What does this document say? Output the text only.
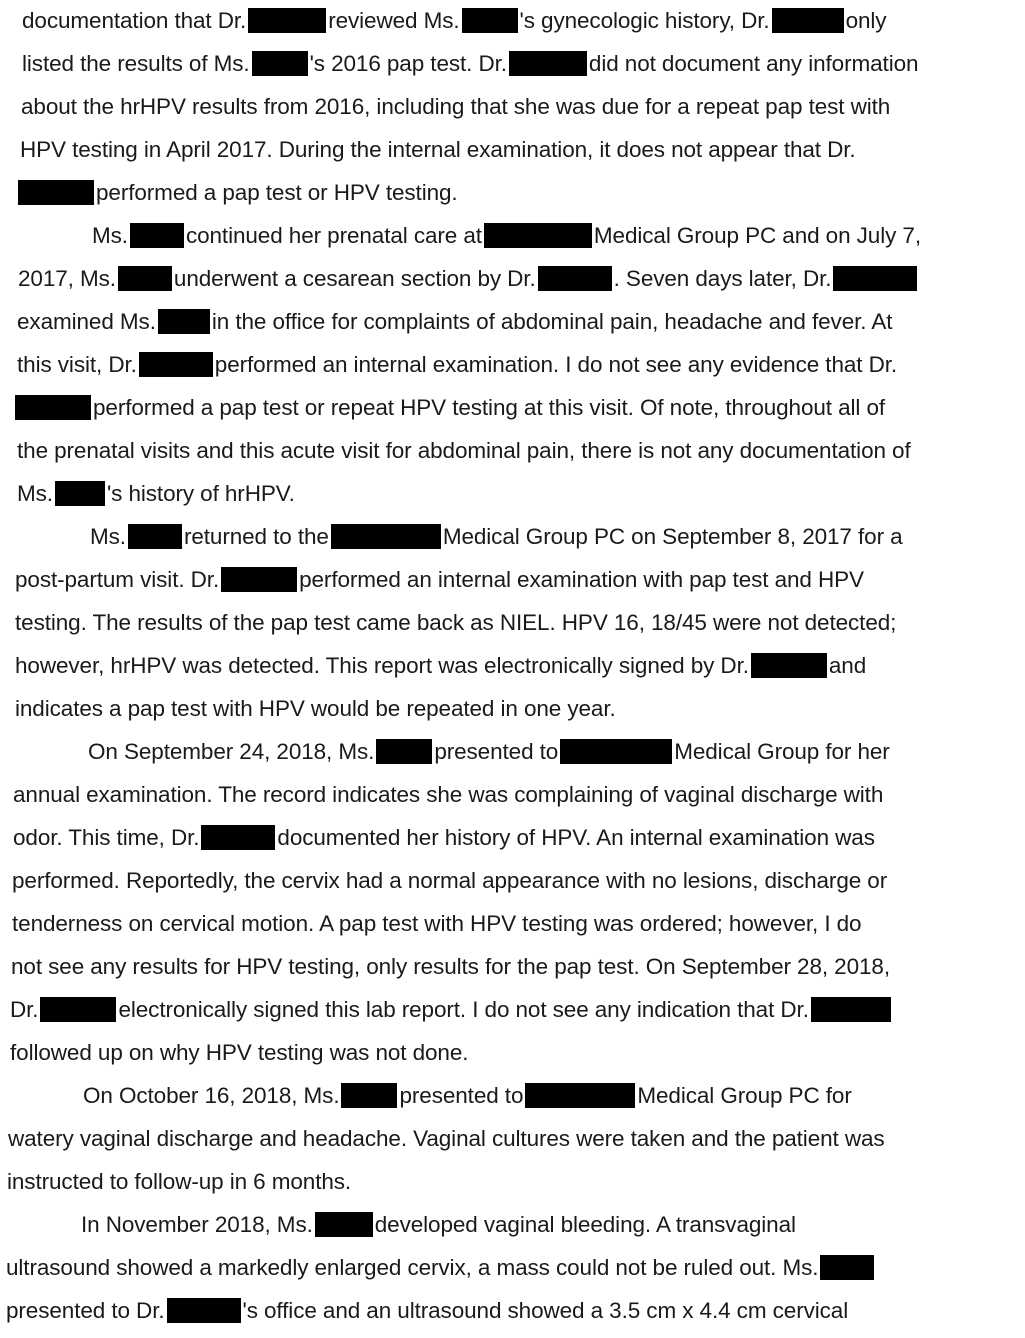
documentation that Dr.	reviewed Ms.	's gynecologic history, Dr.	only
listed the results of Ms.	's 2016 pap test. Dr.	did not document any information
about the hrHPV results from 2016, including that she was due for a repeat pap test with
HPV testing in April 2017. During the internal examination, it does not appear that Dr.
performed a pap test or HPV testing.
Ms.	continued her prenatal care at	Medical Group PC and on July 7,
2017, Ms.	underwent a cesarean section by Dr.	. Seven days later, Dr.
examined Ms. in the office for complaints of abdominal pain, headache and fever. At
this visit, Dr.	performed an internal examination. I do not see any evidence that Dr.
performed a pap test or repeat HPV testing at this visit. Of note, throughout all of
the prenatal visits and this acute visit for abdominal pain, there is not any documentation of
Ms. 's history of hrHPV.
Ms.	returned to the	Medical Group PC on September 8, 2017 for a
post-partum visit. Dr.	performed an internal examination with pap test and HPV
testing. The results of the pap test came back as NIEL. HPV 16, 18/45 were not detected;
however, hrHPV was detected. This report was electronically signed by Dr.	and
indicates a pap test with HPV would be repeated in one year.
On September 24, 2018, Ms.	presented to	Medical Group for her
annual examination. The record indicates she was complaining of vaginal discharge with
odor. This time, Dr.	documented her history of HPV. An internal examination was
performed. Reportedly, the cervix had a normal appearance with no lesions, discharge or
tenderness on cervical motion. A pap test with HPV testing was ordered; however, I do
not see any results for HPV testing, only results for the pap test. On September 28, 2018,
Dr.	electronically signed this lab report. I do not see any indication that Dr.
followed up on why HPV testing was not done.
On October 16, 2018, Ms.	presented to	Medical Group PC for
watery vaginal discharge and headache. Vaginal cultures were taken and the patient was
instructed to follow-up in 6 months.
In November 2018, Ms.	developed vaginal bleeding. A transvaginal
ultrasound showed a markedly enlarged cervix, a mass could not be ruled out. Ms.
presented to Dr.	's office and an ultrasound showed a 3.5 cm x 4.4 cm cervical
